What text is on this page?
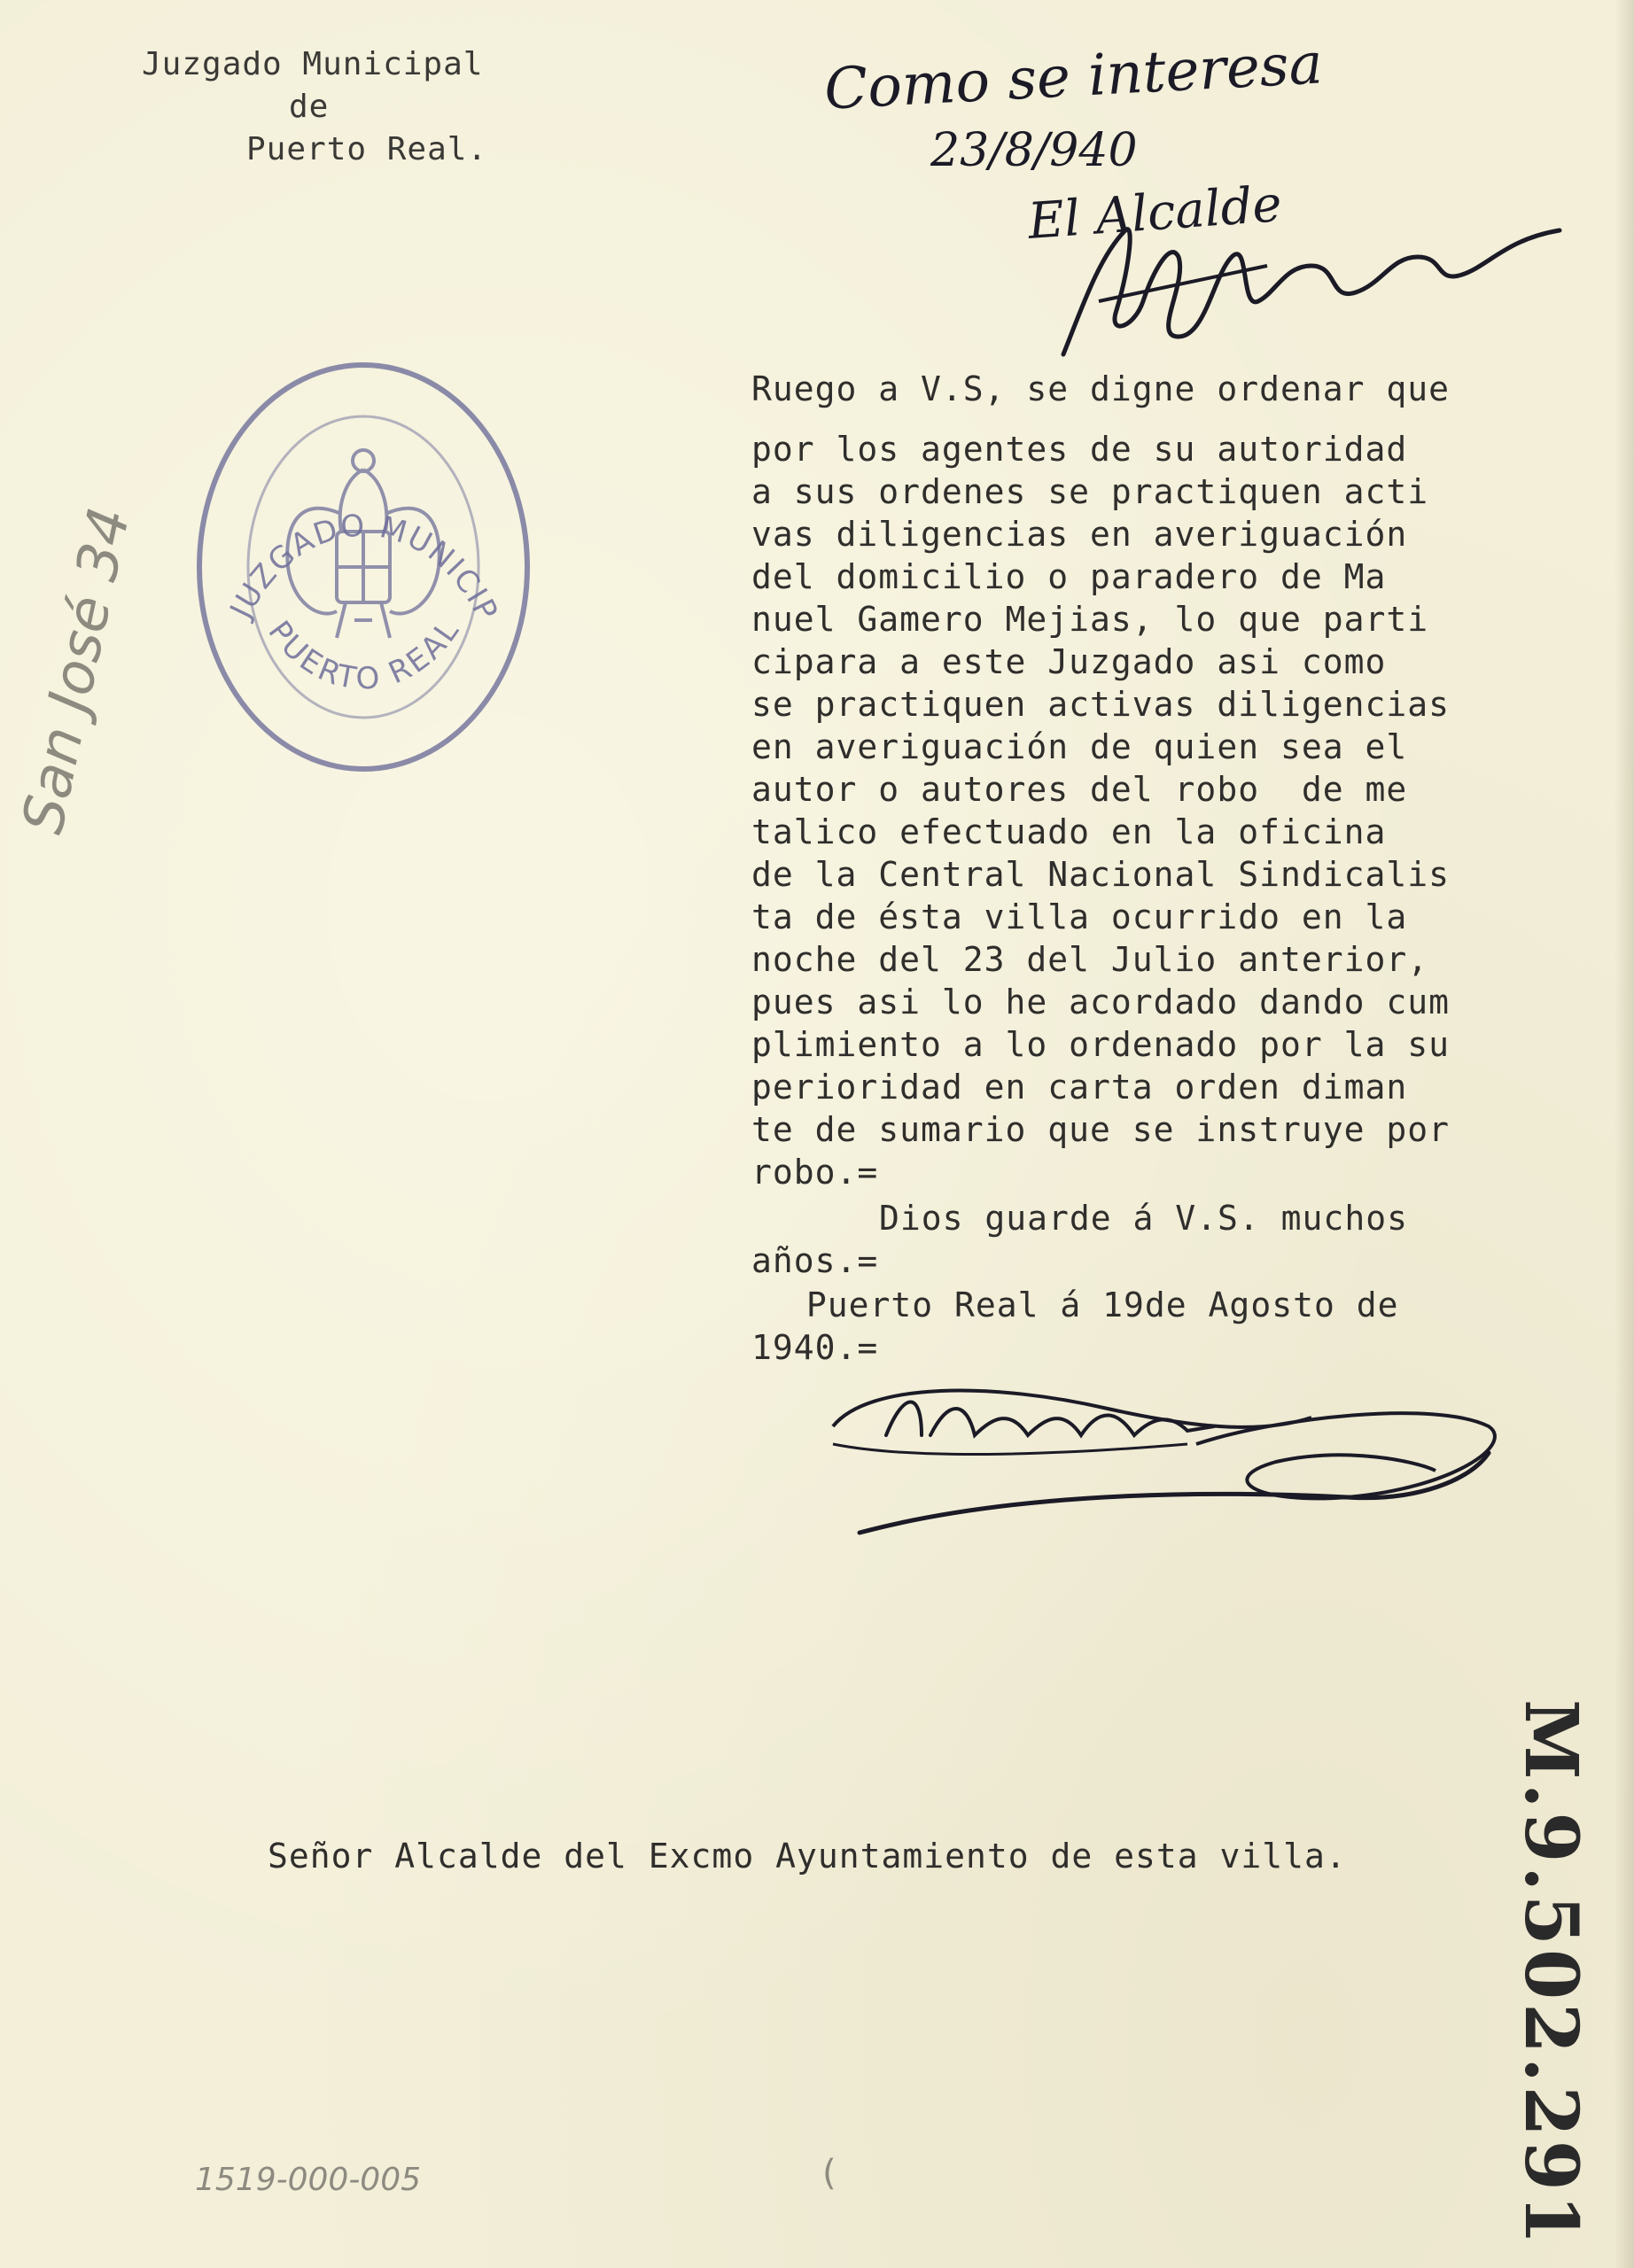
Juzgado Municipal
de
Puerto Real.
Como se interesa
23/8/940
El Alcalde
San José 34	JUZGADO MUNICIPAL DE
PUERTO REAL
Ruego a V.S, se digne ordenar que
por los agentes de su autoridad
a sus ordenes se practiquen acti
vas diligencias en averiguación
del domicilio o paradero de Ma
nuel Gamero Mejias, lo que parti
cipara a este Juzgado asi como
se practiquen activas diligencias
en averiguación de quien sea el
autor o autores del robo  de me
talico efectuado en la oficina
de la Central Nacional Sindicalis
ta de ésta villa ocurrido en la
noche del 23 del Julio anterior,
pues asi lo he acordado dando cum
plimiento a lo ordenado por la su
perioridad en carta orden diman
te de sumario que se instruye por
robo.=
Dios guarde á V.S. muchos
años.=
Puerto Real á 19de Agosto de
1940.=
Señor Alcalde del Excmo Ayuntamiento de esta villa. M.9.502.291
1519-000-005	(
